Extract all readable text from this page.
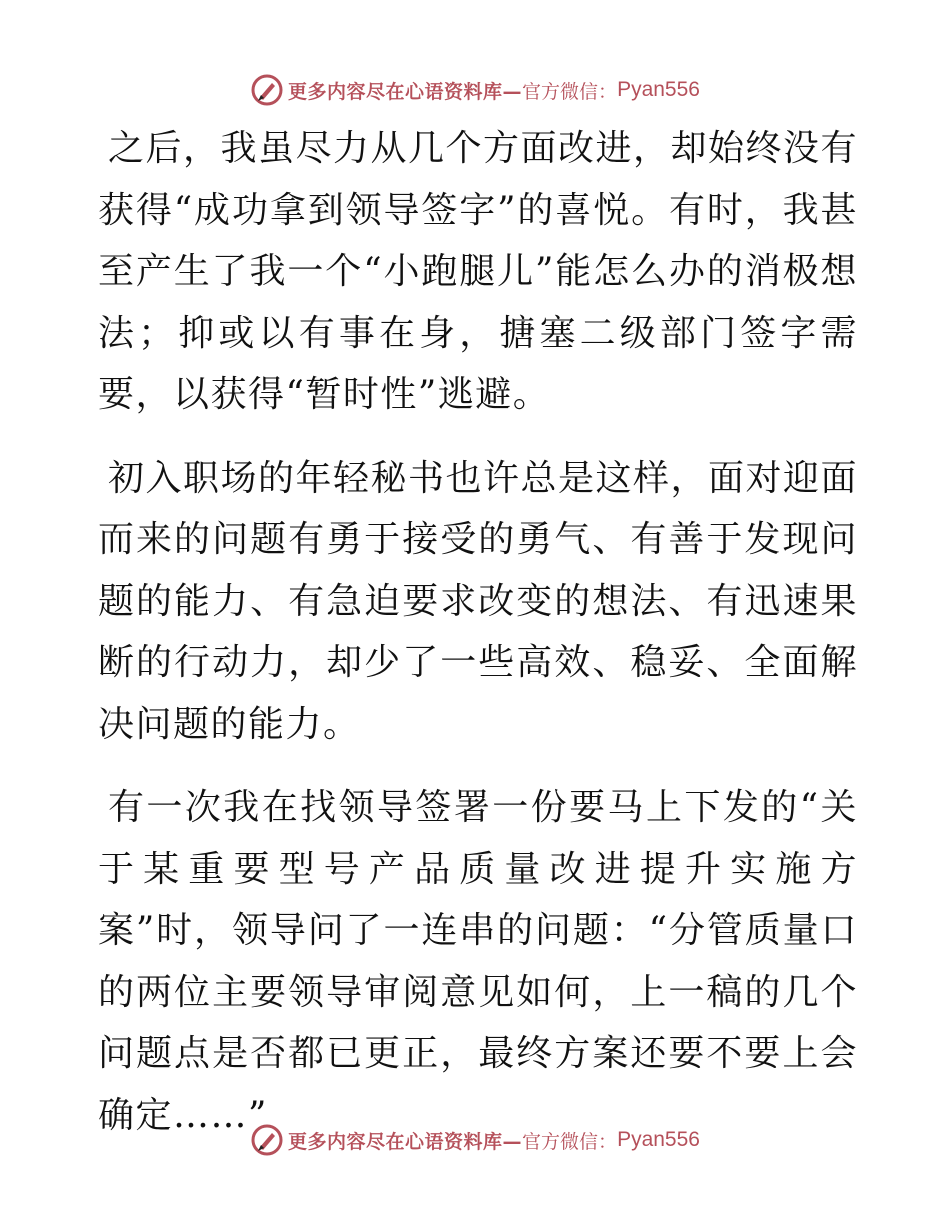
更多内容尽在心语资料库— 官方微信： Pyan556

之后，我虽尽力从几个方面改进，却始终没有获得“成功拿到领导签字”的喜悦。有时，我甚至产生了我一个“小跑腿儿”能怎么办的消极想法；抑或以有事在身，搪塞二级部门签字需要，以获得“暂时性”逃避。

初入职场的年轻秘书也许总是这样，面对迎面而来的问题有勇于接受的勇气、有善于发现问题的能力、有急迫要求改变的想法、有迅速果断的行动力，却少了一些高效、稳妥、全面解决问题的能力。

有一次我在找领导签署一份要马上下发的“关于某重要型号产品质量改进提升实施方案”时，领导问了一连串的问题：“分管质量口的两位主要领导审阅意见如何，上一稿的几个问题点是否都已更正，最终方案还要不要上会确定……”

更多内容尽在心语资料库— 官方微信： Pyan556
